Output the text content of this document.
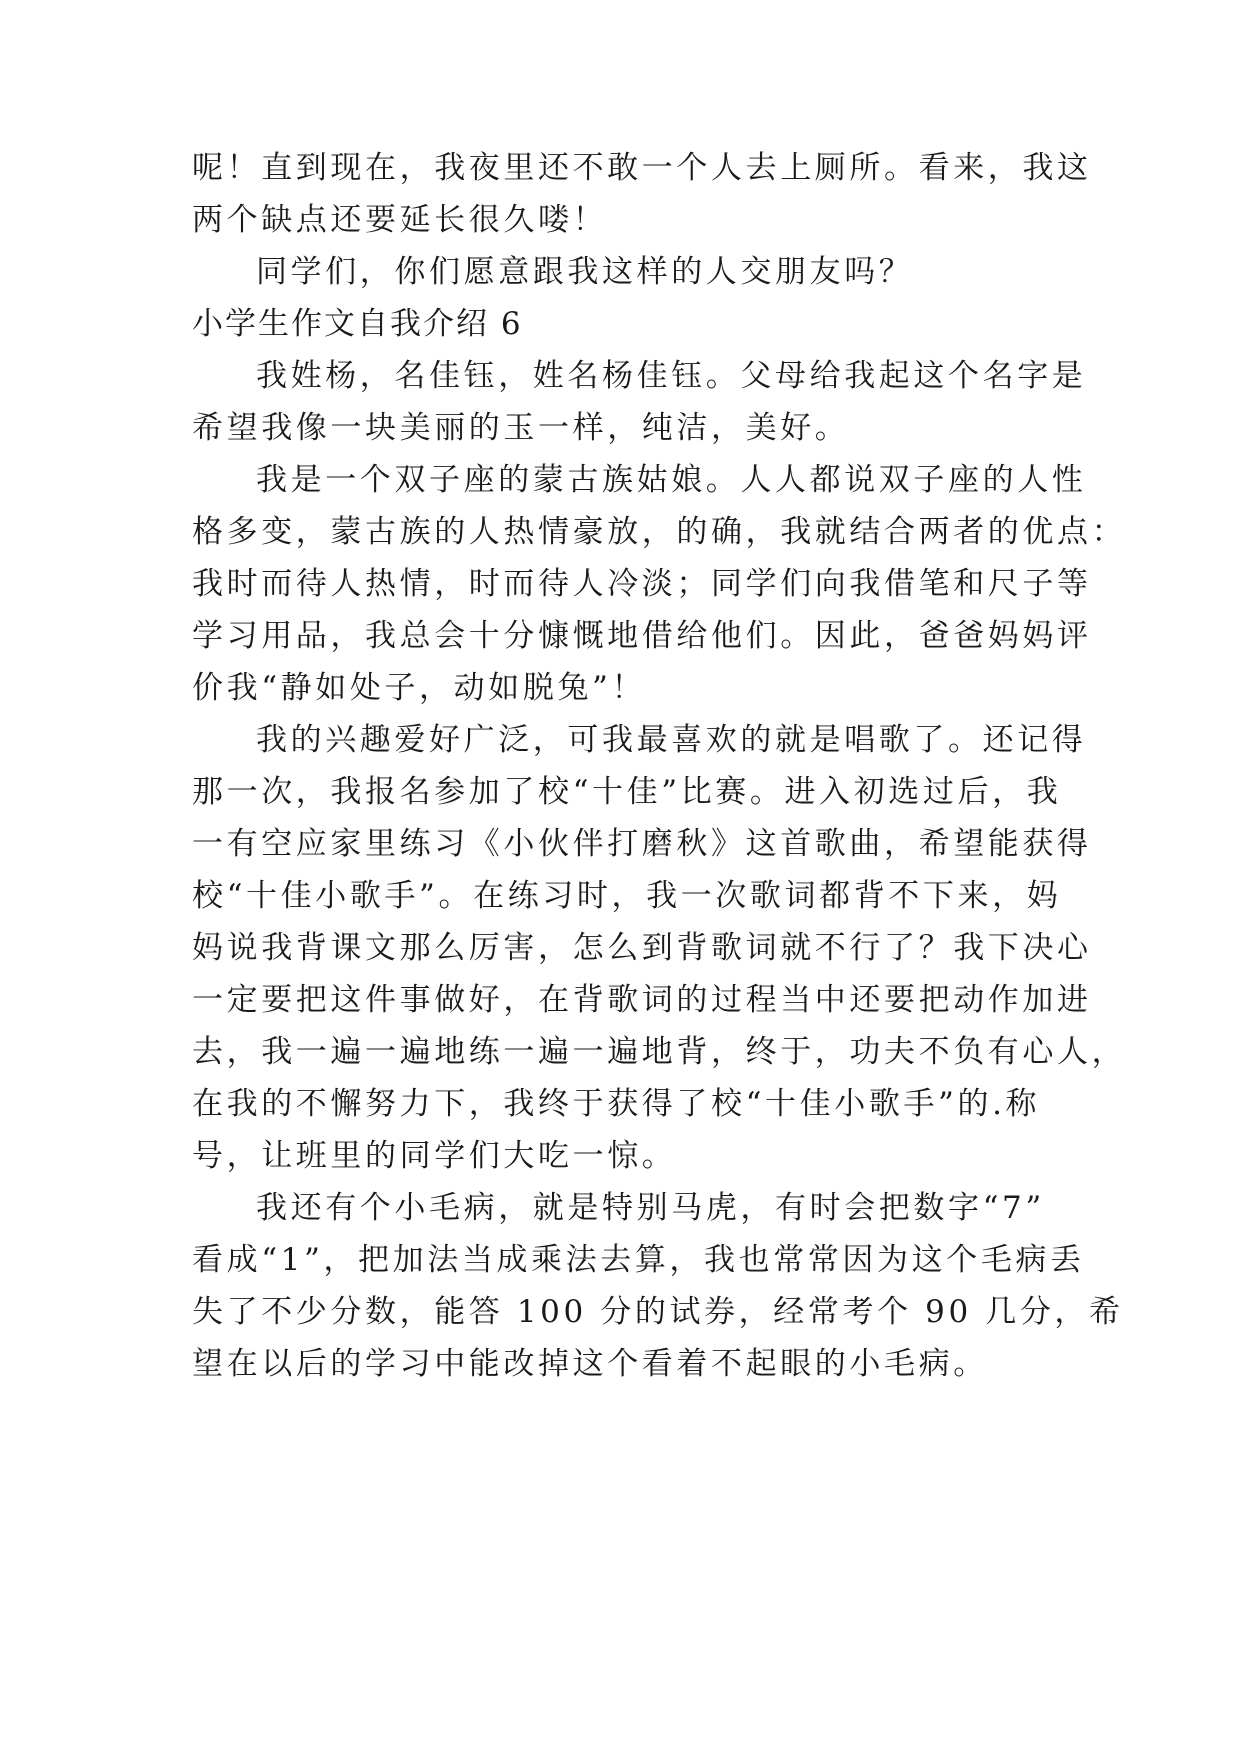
呢！直到现在，我夜里还不敢一个人去上厕所。看来，我这
两个缺点还要延长很久喽！
同学们，你们愿意跟我这样的人交朋友吗？
小学生作文自我介绍 6
我姓杨，名佳钰，姓名杨佳钰。父母给我起这个名字是
希望我像一块美丽的玉一样，纯洁，美好。
我是一个双子座的蒙古族姑娘。人人都说双子座的人性
格多变，蒙古族的人热情豪放，的确，我就结合两者的优点：
我时而待人热情，时而待人冷淡；同学们向我借笔和尺子等
学习用品，我总会十分慷慨地借给他们。因此，爸爸妈妈评
价我“静如处子，动如脱兔”！
我的兴趣爱好广泛，可我最喜欢的就是唱歌了。还记得
那一次，我报名参加了校“十佳”比赛。进入初选过后，我
一有空应家里练习《小伙伴打磨秋》这首歌曲，希望能获得
校“十佳小歌手”。在练习时，我一次歌词都背不下来，妈
妈说我背课文那么厉害，怎么到背歌词就不行了？我下决心
一定要把这件事做好，在背歌词的过程当中还要把动作加进
去，我一遍一遍地练一遍一遍地背，终于，功夫不负有心人，
在我的不懈努力下，我终于获得了校“十佳小歌手”的.称
号，让班里的同学们大吃一惊。
我还有个小毛病，就是特别马虎，有时会把数字“7”
看成“1”，把加法当成乘法去算，我也常常因为这个毛病丢
失了不少分数，能答 100 分的试券，经常考个 90 几分，希
望在以后的学习中能改掉这个看着不起眼的小毛病。
